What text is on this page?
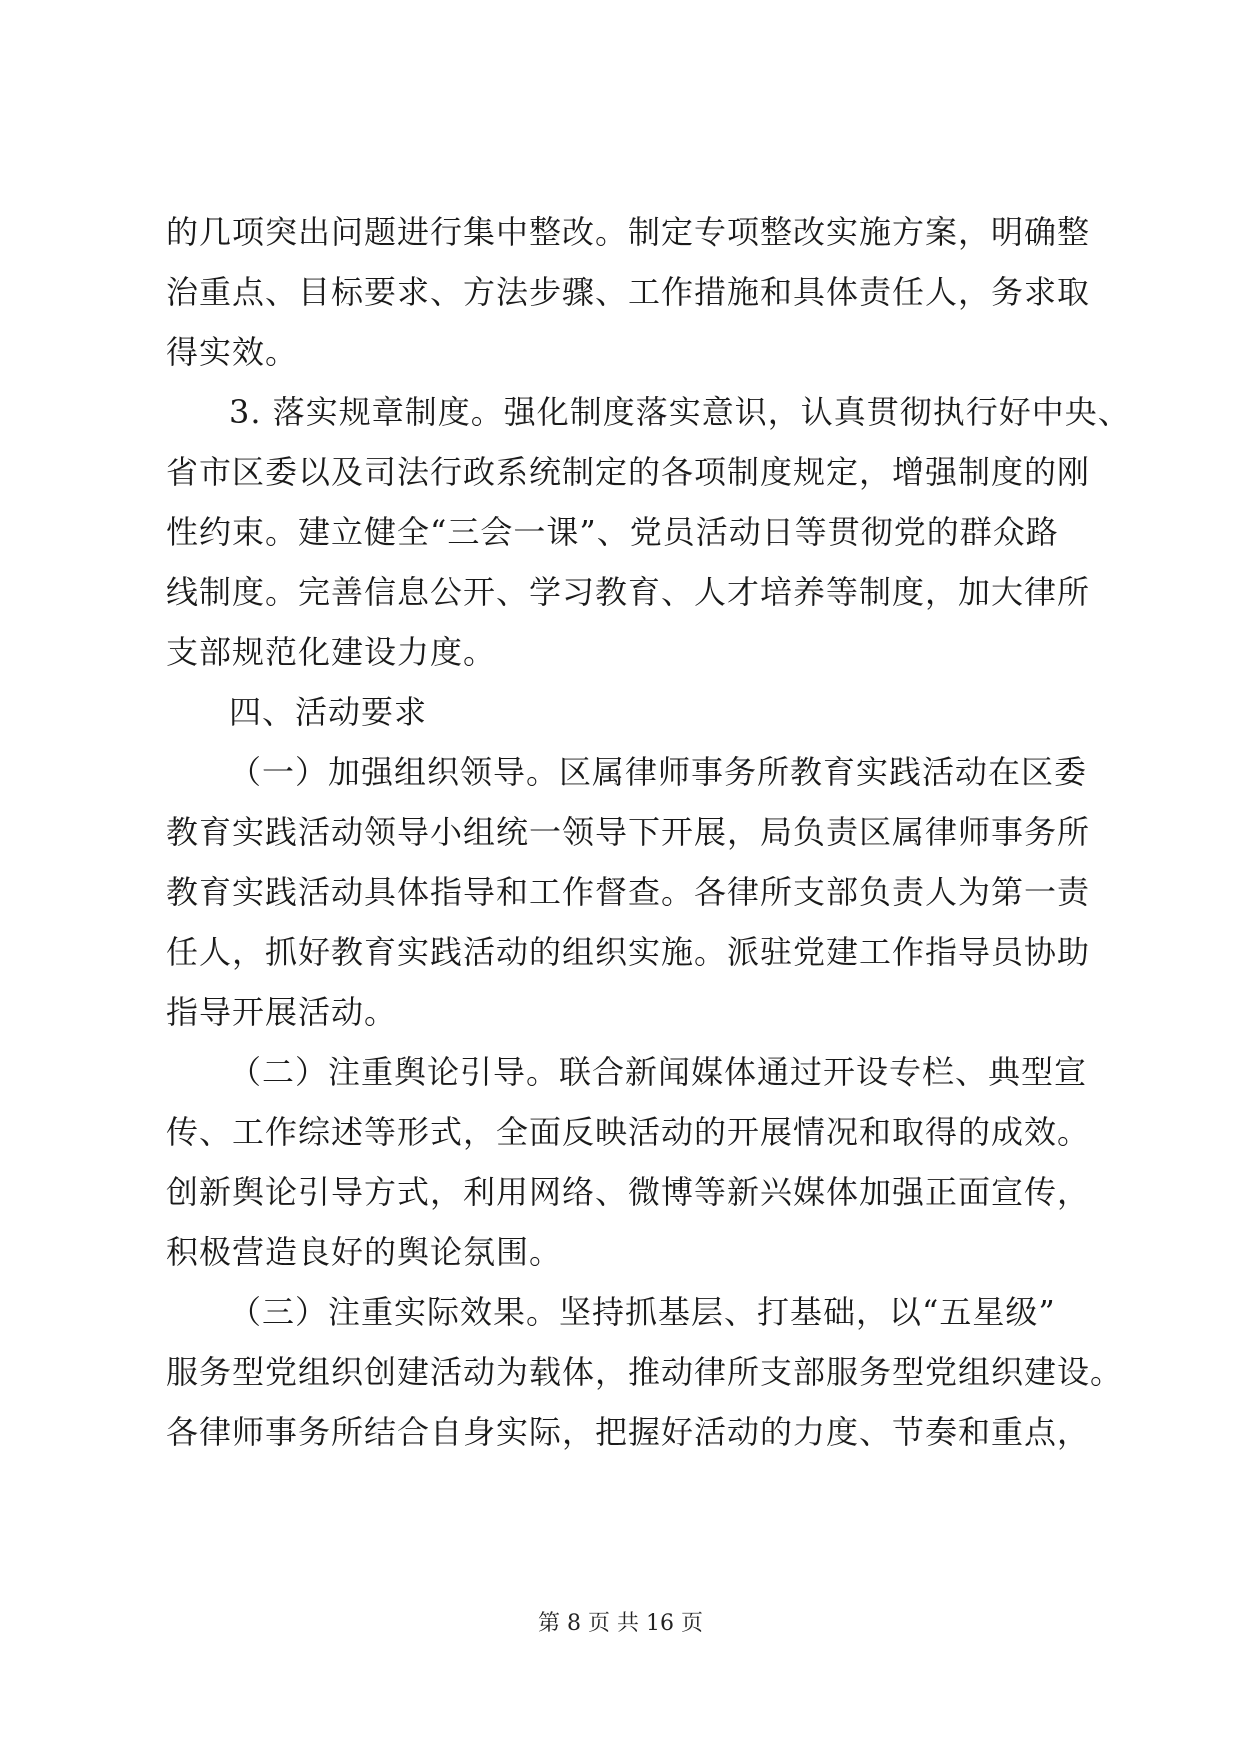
的几项突出问题进行集中整改。制定专项整改实施方案，明确整
治重点、目标要求、方法步骤、工作措施和具体责任人，务求取
得实效。
3. 落实规章制度。强化制度落实意识，认真贯彻执行好中央、
省市区委以及司法行政系统制定的各项制度规定，增强制度的刚
性约束。建立健全“三会一课”、党员活动日等贯彻党的群众路
线制度。完善信息公开、学习教育、人才培养等制度，加大律所
支部规范化建设力度。
四、活动要求
（一）加强组织领导。区属律师事务所教育实践活动在区委
教育实践活动领导小组统一领导下开展，局负责区属律师事务所
教育实践活动具体指导和工作督查。各律所支部负责人为第一责
任人，抓好教育实践活动的组织实施。派驻党建工作指导员协助
指导开展活动。
（二）注重舆论引导。联合新闻媒体通过开设专栏、典型宣
传、工作综述等形式，全面反映活动的开展情况和取得的成效。
创新舆论引导方式，利用网络、微博等新兴媒体加强正面宣传，
积极营造良好的舆论氛围。
（三）注重实际效果。坚持抓基层、打基础，以“五星级”
服务型党组织创建活动为载体，推动律所支部服务型党组织建设。
各律师事务所结合自身实际，把握好活动的力度、节奏和重点，
第 8 页 共 16 页
